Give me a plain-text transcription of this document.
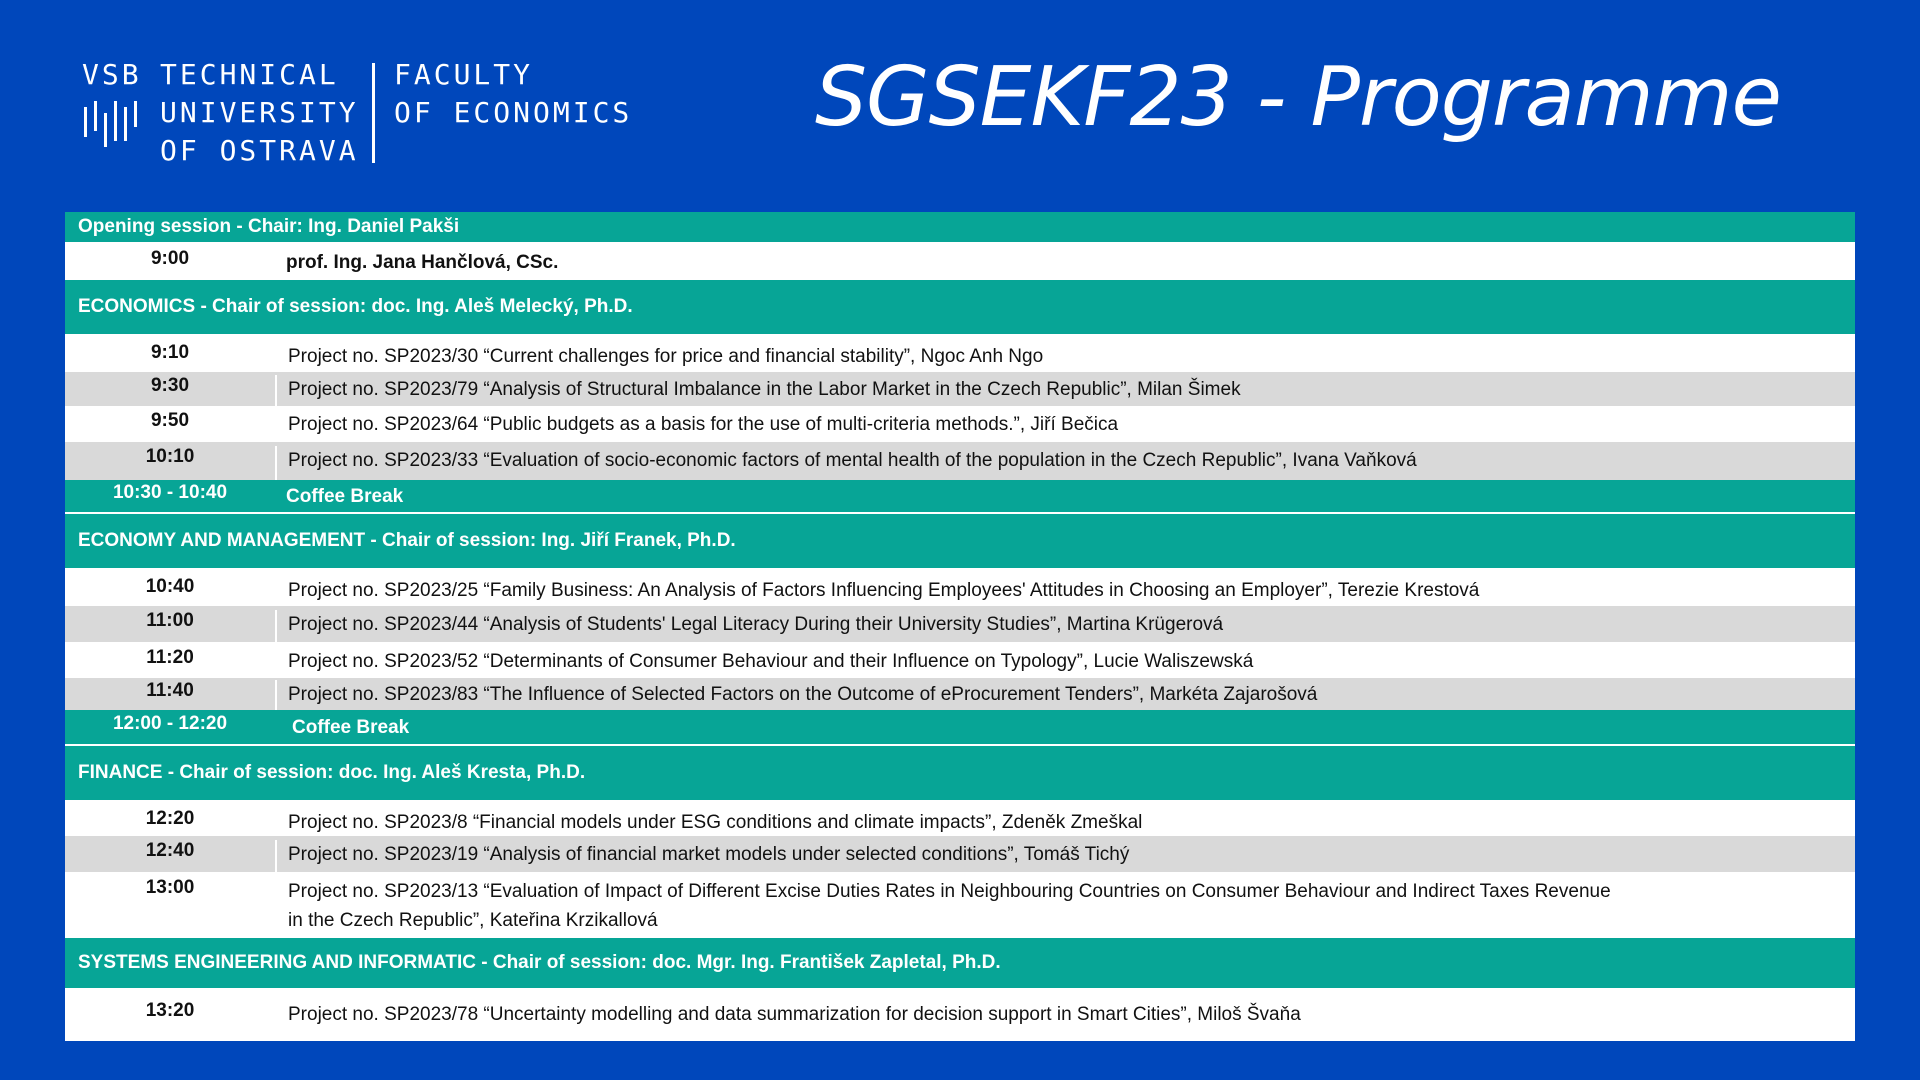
VSB TECHNICAL
UNIVERSITY
OF OSTRAVA
FACULTY
OF ECONOMICS SGSEKF23 - Programme
Opening session - Chair: Ing. Daniel Pakši
9:00	prof. Ing. Jana Hančlová, CSc.
ECONOMICS - Chair of session: doc. Ing. Aleš Melecký, Ph.D.
9:10	Project no. SP2023/30 “Current challenges for price and financial stability”, Ngoc Anh Ngo
9:30	Project no. SP2023/79 “Analysis of Structural Imbalance in the Labor Market in the Czech Republic”, Milan Šimek
9:50	Project no. SP2023/64 “Public budgets as a basis for the use of multi-criteria methods.”, Jiří Bečica
10:10	Project no. SP2023/33 “Evaluation of socio-economic factors of mental health of the population in the Czech Republic”, Ivana Vaňková
10:30 - 10:40	Coffee Break
ECONOMY AND MANAGEMENT - Chair of session: Ing. Jiří Franek, Ph.D.
10:40	Project no. SP2023/25 “Family Business: An Analysis of Factors Influencing Employees' Attitudes in Choosing an Employer”, Terezie Krestová
11:00	Project no. SP2023/44 “Analysis of Students' Legal Literacy During their University Studies”, Martina Krügerová
11:20	Project no. SP2023/52 “Determinants of Consumer Behaviour and their Influence on Typology”, Lucie Waliszewská
11:40	Project no. SP2023/83 “The Influence of Selected Factors on the Outcome of eProcurement Tenders”, Markéta Zajarošová
12:00 - 12:20	Coffee Break
FINANCE - Chair of session: doc. Ing. Aleš Kresta, Ph.D.
12:20	Project no. SP2023/8 “Financial models under ESG conditions and climate impacts”, Zdeněk Zmeškal
12:40	Project no. SP2023/19 “Analysis of financial market models under selected conditions”, Tomáš Tichý
13:00	Project no. SP2023/13 “Evaluation of Impact of Different Excise Duties Rates in Neighbouring Countries on Consumer Behaviour and Indirect Taxes Revenue
in the Czech Republic”, Kateřina Krzikallová
SYSTEMS ENGINEERING AND INFORMATIC - Chair of session: doc. Mgr. Ing. František Zapletal, Ph.D.
13:20	Project no. SP2023/78 “Uncertainty modelling and data summarization for decision support in Smart Cities”, Miloš Švaňa
